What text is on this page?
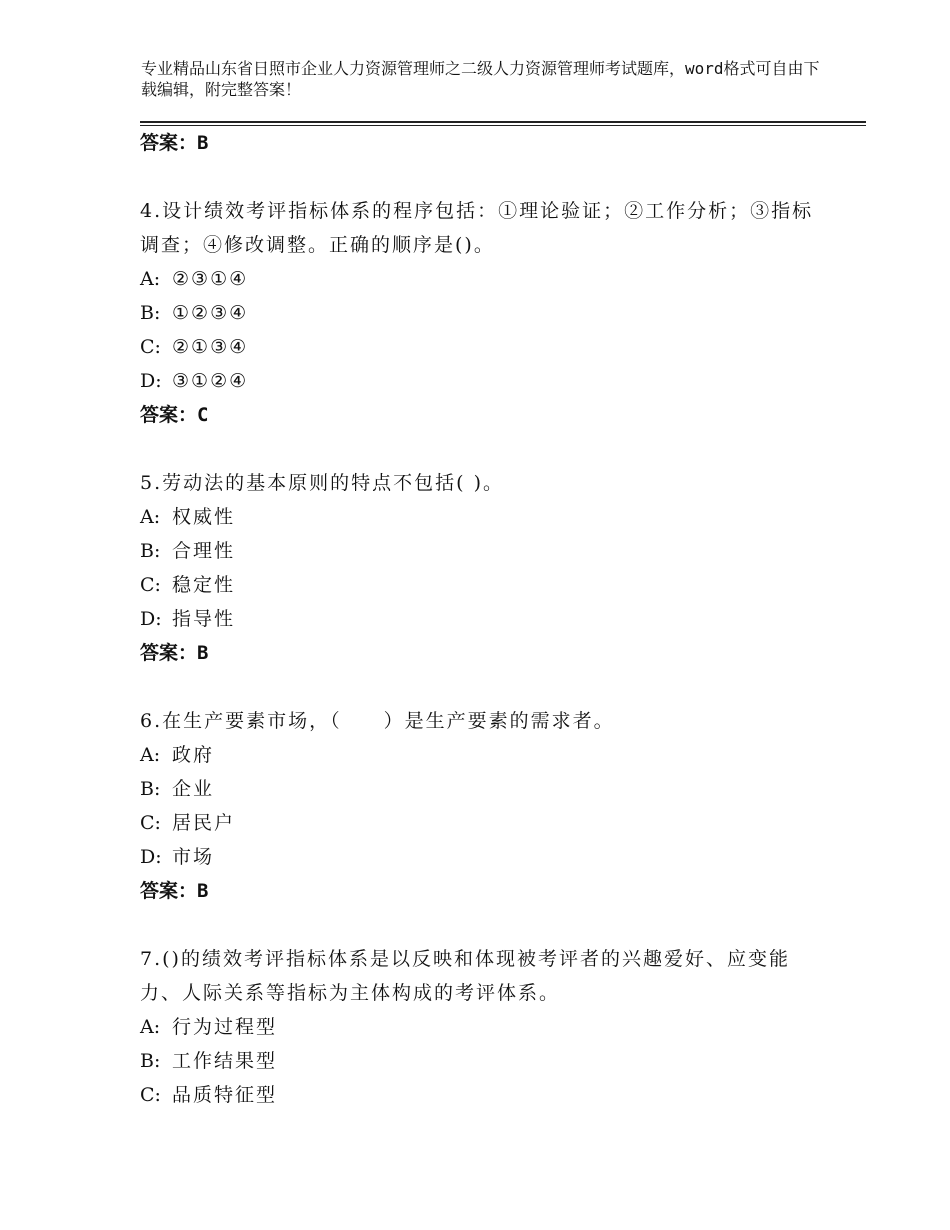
专业精品山东省日照市企业人力资源管理师之二级人力资源管理师考试题库，word格式可自由下载编辑，附完整答案！
答案：B

4.设计绩效考评指标体系的程序包括：①理论验证；②工作分析；③指标调查；④修改调整。正确的顺序是()。

A: ②③①④
B: ①②③④
C: ②①③④
D: ③①②④
答案：C

5.劳动法的基本原则的特点不包括( )。

A: 权威性
B: 合理性
C: 稳定性
D: 指导性
答案：B

6.在生产要素市场，（　　）是生产要素的需求者。

A: 政府
B: 企业
C: 居民户
D: 市场
答案：B

7.()的绩效考评指标体系是以反映和体现被考评者的兴趣爱好、应变能力、人际关系等指标为主体构成的考评体系。

A: 行为过程型
B: 工作结果型
C: 品质特征型
